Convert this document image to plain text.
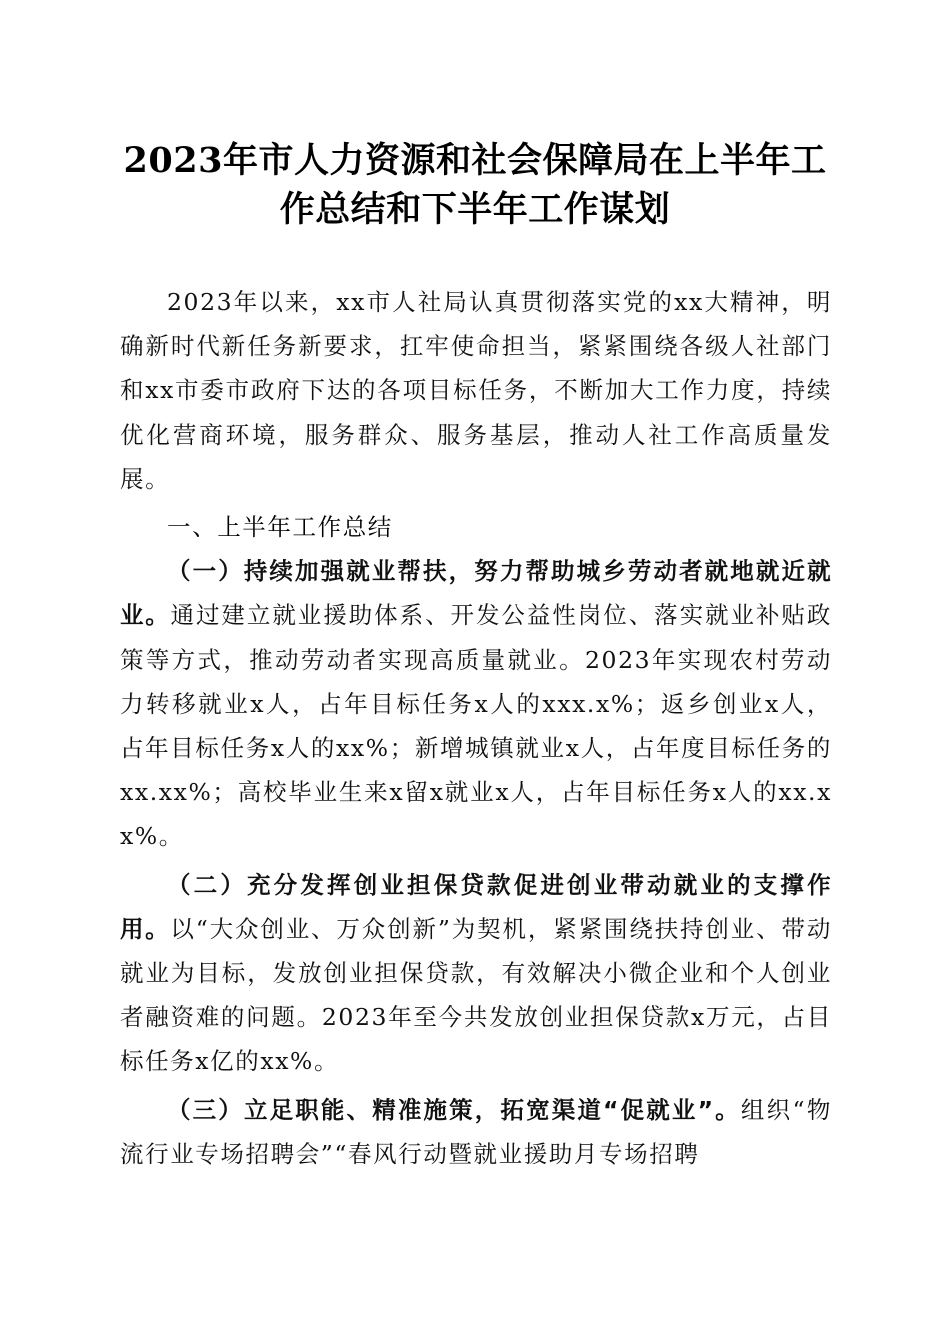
2023年市人力资源和社会保障局在上半年工
作总结和下半年工作谋划

2023年以来，xx市人社局认真贯彻落实党的xx大精神，明确新时代新任务新要求，扛牢使命担当，紧紧围绕各级人社部门和xx市委市政府下达的各项目标任务，不断加大工作力度，持续优化营商环境，服务群众、服务基层，推动人社工作高质量发展。

一、上半年工作总结

（一）持续加强就业帮扶，努力帮助城乡劳动者就地就近就业。通过建立就业援助体系、开发公益性岗位、落实就业补贴政策等方式，推动劳动者实现高质量就业。2023年实现农村劳动力转移就业x人，占年目标任务x人的xxx.x%；返乡创业x人，占年目标任务x人的xx%；新增城镇就业x人，占年度目标任务的xx.xx%；高校毕业生来x留x就业x人，占年目标任务x人的xx.xx%。

（二）充分发挥创业担保贷款促进创业带动就业的支撑作用。以“大众创业、万众创新”为契机，紧紧围绕扶持创业、带动就业为目标，发放创业担保贷款，有效解决小微企业和个人创业者融资难的问题。2023年至今共发放创业担保贷款x万元，占目标任务x亿的xx%。

（三）立足职能、精准施策，拓宽渠道“促就业”。组织“物流行业专场招聘会”“春风行动暨就业援助月专场招聘
